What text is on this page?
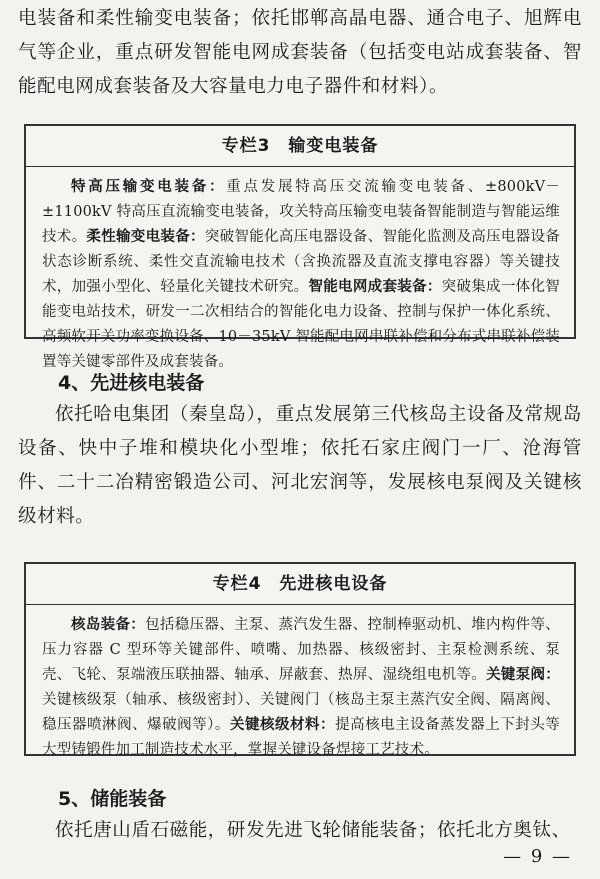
电装备和柔性输变电装备；依托邯郸高晶电器、通合电子、旭辉电气等企业，重点研发智能电网成套装备（包括变电站成套装备、智能配电网成套装备及大容量电力电子器件和材料）。

专栏3　输变电装备
特高压输变电装备：重点发展特高压交流输变电装备、±800kV－±1100kV 特高压直流输变电装备，攻关特高压输变电装备智能制造与智能运维技术。柔性输变电装备：突破智能化高压电器设备、智能化监测及高压电器设备状态诊断系统、柔性交直流输电技术（含换流器及直流支撑电容器）等关键技术，加强小型化、轻量化关键技术研究。智能电网成套装备：突破集成一体化智能变电站技术，研发一二次相结合的智能化电力设备、控制与保护一体化系统、高频软开关功率变换设备、10－35kV 智能配电网串联补偿和分布式串联补偿装置等关键零部件及成套装备。
4、先进核电装备

依托哈电集团（秦皇岛），重点发展第三代核岛主设备及常规岛设备、快中子堆和模块化小型堆；依托石家庄阀门一厂、沧海管件、二十二冶精密锻造公司、河北宏润等，发展核电泵阀及关键核级材料。

专栏4　先进核电设备
核岛装备：包括稳压器、主泵、蒸汽发生器、控制棒驱动机、堆内构件等、压力容器 C 型环等关键部件、喷嘴、加热器、核级密封、主泵检测系统、泵壳、飞轮、泵端液压联抽器、轴承、屏蔽套、热屏、湿绕组电机等。关键泵阀：关键核级泵（轴承、核级密封）、关键阀门（核岛主泵主蒸汽安全阀、隔离阀、稳压器喷淋阀、爆破阀等）。关键核级材料：提高核电主设备蒸发器上下封头等大型铸锻件加工制造技术水平，掌握关键设备焊接工艺技术。
5、储能装备

依托唐山盾石磁能，研发先进飞轮储能装备；依托北方奥钛、

— 9 —
